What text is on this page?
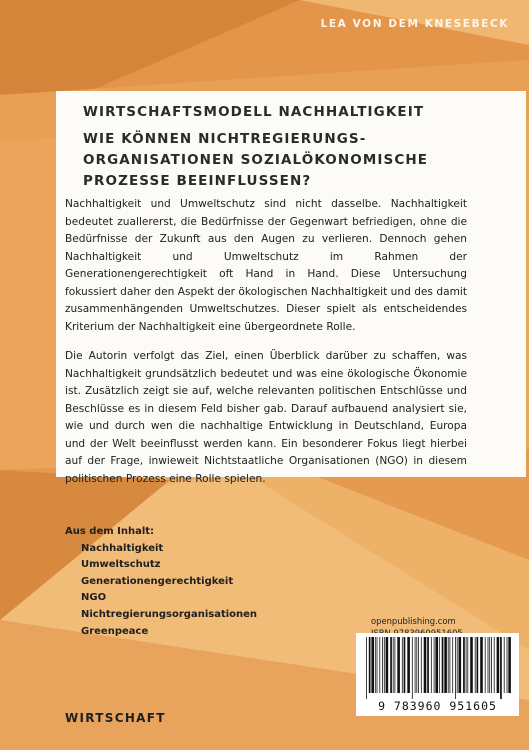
LEA VON DEM KNESEBECK
WIRTSCHAFTSMODELL NACHHALTIGKEIT
WIE KÖNNEN NICHTREGIERUNGS-
ORGANISATIONEN SOZIALÖKONOMISCHE
PROZESSE BEEINFLUSSEN?

Nachhaltigkeit und Umweltschutz sind nicht dasselbe. Nachhaltigkeit bedeutet zuallererst, die Bedürfnisse der Gegenwart befriedigen, ohne die Bedürfnisse der Zukunft aus den Augen zu verlieren. Dennoch gehen Nachhaltigkeit und Umweltschutz im Rahmen der Generationengerechtigkeit oft Hand in Hand. Diese Untersuchung fokussiert daher den Aspekt der ökologischen Nachhaltigkeit und des damit zusammenhängenden Umweltschutzes. Dieser spielt als entscheidendes Kriterium der Nachhaltigkeit eine übergeordnete Rolle.

Die Autorin verfolgt das Ziel, einen Überblick darüber zu schaffen, was Nachhaltigkeit grundsätzlich bedeutet und was eine ökologische Ökonomie ist. Zusätzlich zeigt sie auf, welche relevanten politischen Entschlüsse und Beschlüsse es in diesem Feld bisher gab. Darauf aufbauend analysiert sie, wie und durch wen die nachhaltige Entwicklung in Deutschland, Europa und der Welt beeinflusst werden kann. Ein besonderer Fokus liegt hierbei auf der Frage, inwieweit Nichtstaatliche Organisationen (NGO) in diesem politischen Prozess eine Rolle spielen.

Aus dem Inhalt:
Nachhaltigkeit
Umweltschutz
Generationengerechtigkeit
NGO
Nichtregierungsorganisationen
Greenpeace
openpublishing.com
9 783960 951605
WIRTSCHAFT
